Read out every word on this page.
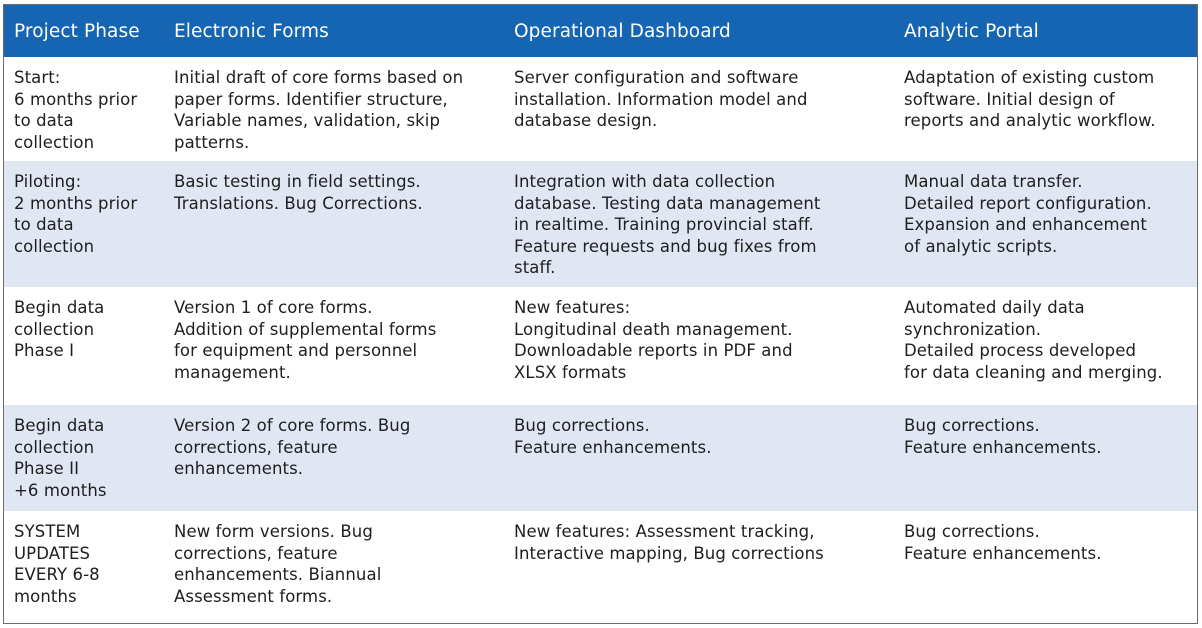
Project Phase	Electronic Forms	Operational Dashboard	Analytic Portal

Start:
6 months prior
to data
collection	Initial draft of core forms based on
paper forms. Identifier structure,
Variable names, validation, skip
patterns.	Server configuration and software
installation. Information model and
database design.	Adaptation of existing custom
software. Initial design of
reports and analytic workflow.

Piloting:
2 months prior
to data
collection	Basic testing in field settings.
Translations. Bug Corrections.	Integration with data collection
database. Testing data management
in realtime. Training provincial staff.
Feature requests and bug fixes from
staff.	Manual data transfer.
Detailed report configuration.
Expansion and enhancement
of analytic scripts.

Begin data
collection
Phase I	Version 1 of core forms.
Addition of supplemental forms
for equipment and personnel
management.	New features:
Longitudinal death management.
Downloadable reports in PDF and
XLSX formats	Automated daily data
synchronization.
Detailed process developed
for data cleaning and merging.

Begin data
collection
Phase II
+6 months	Version 2 of core forms. Bug
corrections, feature
enhancements.	Bug corrections.
Feature enhancements.	Bug corrections.
Feature enhancements.

SYSTEM
UPDATES
EVERY 6-8
months	New form versions. Bug
corrections, feature
enhancements. Biannual
Assessment forms.	New features: Assessment tracking,
Interactive mapping, Bug corrections	Bug corrections.
Feature enhancements.
